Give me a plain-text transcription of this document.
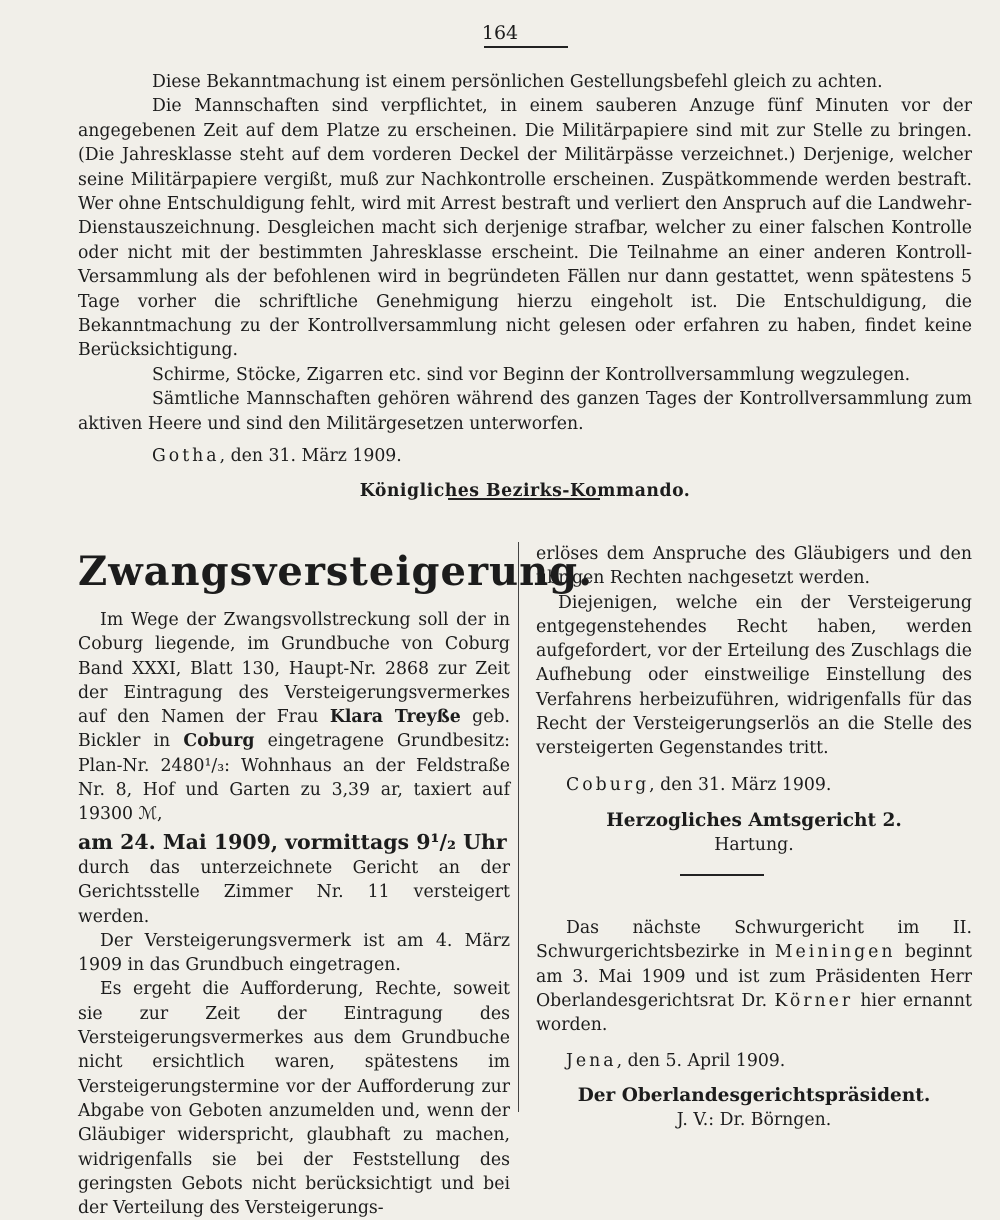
164

Diese Bekanntmachung ist einem persönlichen Gestellungsbefehl gleich zu achten.

Die Mannschaften sind verpflichtet, in einem sauberen Anzuge fünf Minuten vor der angegebenen Zeit auf dem Platze zu erscheinen. Die Militärpapiere sind mit zur Stelle zu bringen. (Die Jahresklasse steht auf dem vorderen Deckel der Militärpässe verzeichnet.) Derjenige, welcher seine Militärpapiere vergißt, muß zur Nachkontrolle erscheinen. Zuspätkommende werden bestraft. Wer ohne Entschuldigung fehlt, wird mit Arrest bestraft und verliert den Anspruch auf die Landwehr-Dienstauszeichnung. Desgleichen macht sich derjenige strafbar, welcher zu einer falschen Kontrolle oder nicht mit der bestimmten Jahresklasse erscheint. Die Teilnahme an einer anderen Kontroll-Versammlung als der befohlenen wird in begründeten Fällen nur dann gestattet, wenn spätestens 5 Tage vorher die schriftliche Genehmigung hierzu eingeholt ist. Die Entschuldigung, die Bekanntmachung zu der Kontrollversammlung nicht gelesen oder erfahren zu haben, findet keine Berücksichtigung.

Schirme, Stöcke, Zigarren etc. sind vor Beginn der Kontrollversammlung wegzulegen.

Sämtliche Mannschaften gehören während des ganzen Tages der Kontrollversammlung zum aktiven Heere und sind den Militärgesetzen unterworfen.

Gotha, den 31. März 1909.

Königliches Bezirks-Kommando.

Zwangsversteigerung.

Im Wege der Zwangsvollstreckung soll der in Coburg liegende, im Grundbuche von Coburg Band XXXI, Blatt 130, Haupt-Nr. 2868 zur Zeit der Eintragung des Versteigerungsvermerkes auf den Namen der Frau Klara Treyße geb. Bickler in Coburg eingetragene Grundbesitz: Plan-Nr. 2480¹/₃: Wohnhaus an der Feldstraße Nr. 8, Hof und Garten zu 3,39 ar, taxiert auf 19300 ℳ,

am 24. Mai 1909, vormittags 9¹/₂ Uhr

durch das unterzeichnete Gericht an der Gerichtsstelle Zimmer Nr. 11 versteigert werden.

Der Versteigerungsvermerk ist am 4. März 1909 in das Grundbuch eingetragen.

Es ergeht die Aufforderung, Rechte, soweit sie zur Zeit der Eintragung des Versteigerungsvermerkes aus dem Grundbuche nicht ersichtlich waren, spätestens im Versteigerungstermine vor der Aufforderung zur Abgabe von Geboten anzumelden und, wenn der Gläubiger widerspricht, glaubhaft zu machen, widrigenfalls sie bei der Feststellung des geringsten Gebots nicht berücksichtigt und bei der Verteilung des Versteigerungs-

erlöses dem Anspruche des Gläubigers und den übrigen Rechten nachgesetzt werden.

Diejenigen, welche ein der Versteigerung entgegenstehendes Recht haben, werden aufgefordert, vor der Erteilung des Zuschlags die Aufhebung oder einstweilige Einstellung des Verfahrens herbeizuführen, widrigenfalls für das Recht der Versteigerungserlös an die Stelle des versteigerten Gegenstandes tritt.

Coburg, den 31. März 1909.

Herzogliches Amtsgericht 2.

Hartung.

Das nächste Schwurgericht im II. Schwurgerichtsbezirke in Meiningen beginnt am 3. Mai 1909 und ist zum Präsidenten Herr Oberlandesgerichtsrat Dr. Körner hier ernannt worden.

Jena, den 5. April 1909.

Der Oberlandesgerichtspräsident.

J. V.: Dr. Börngen.
